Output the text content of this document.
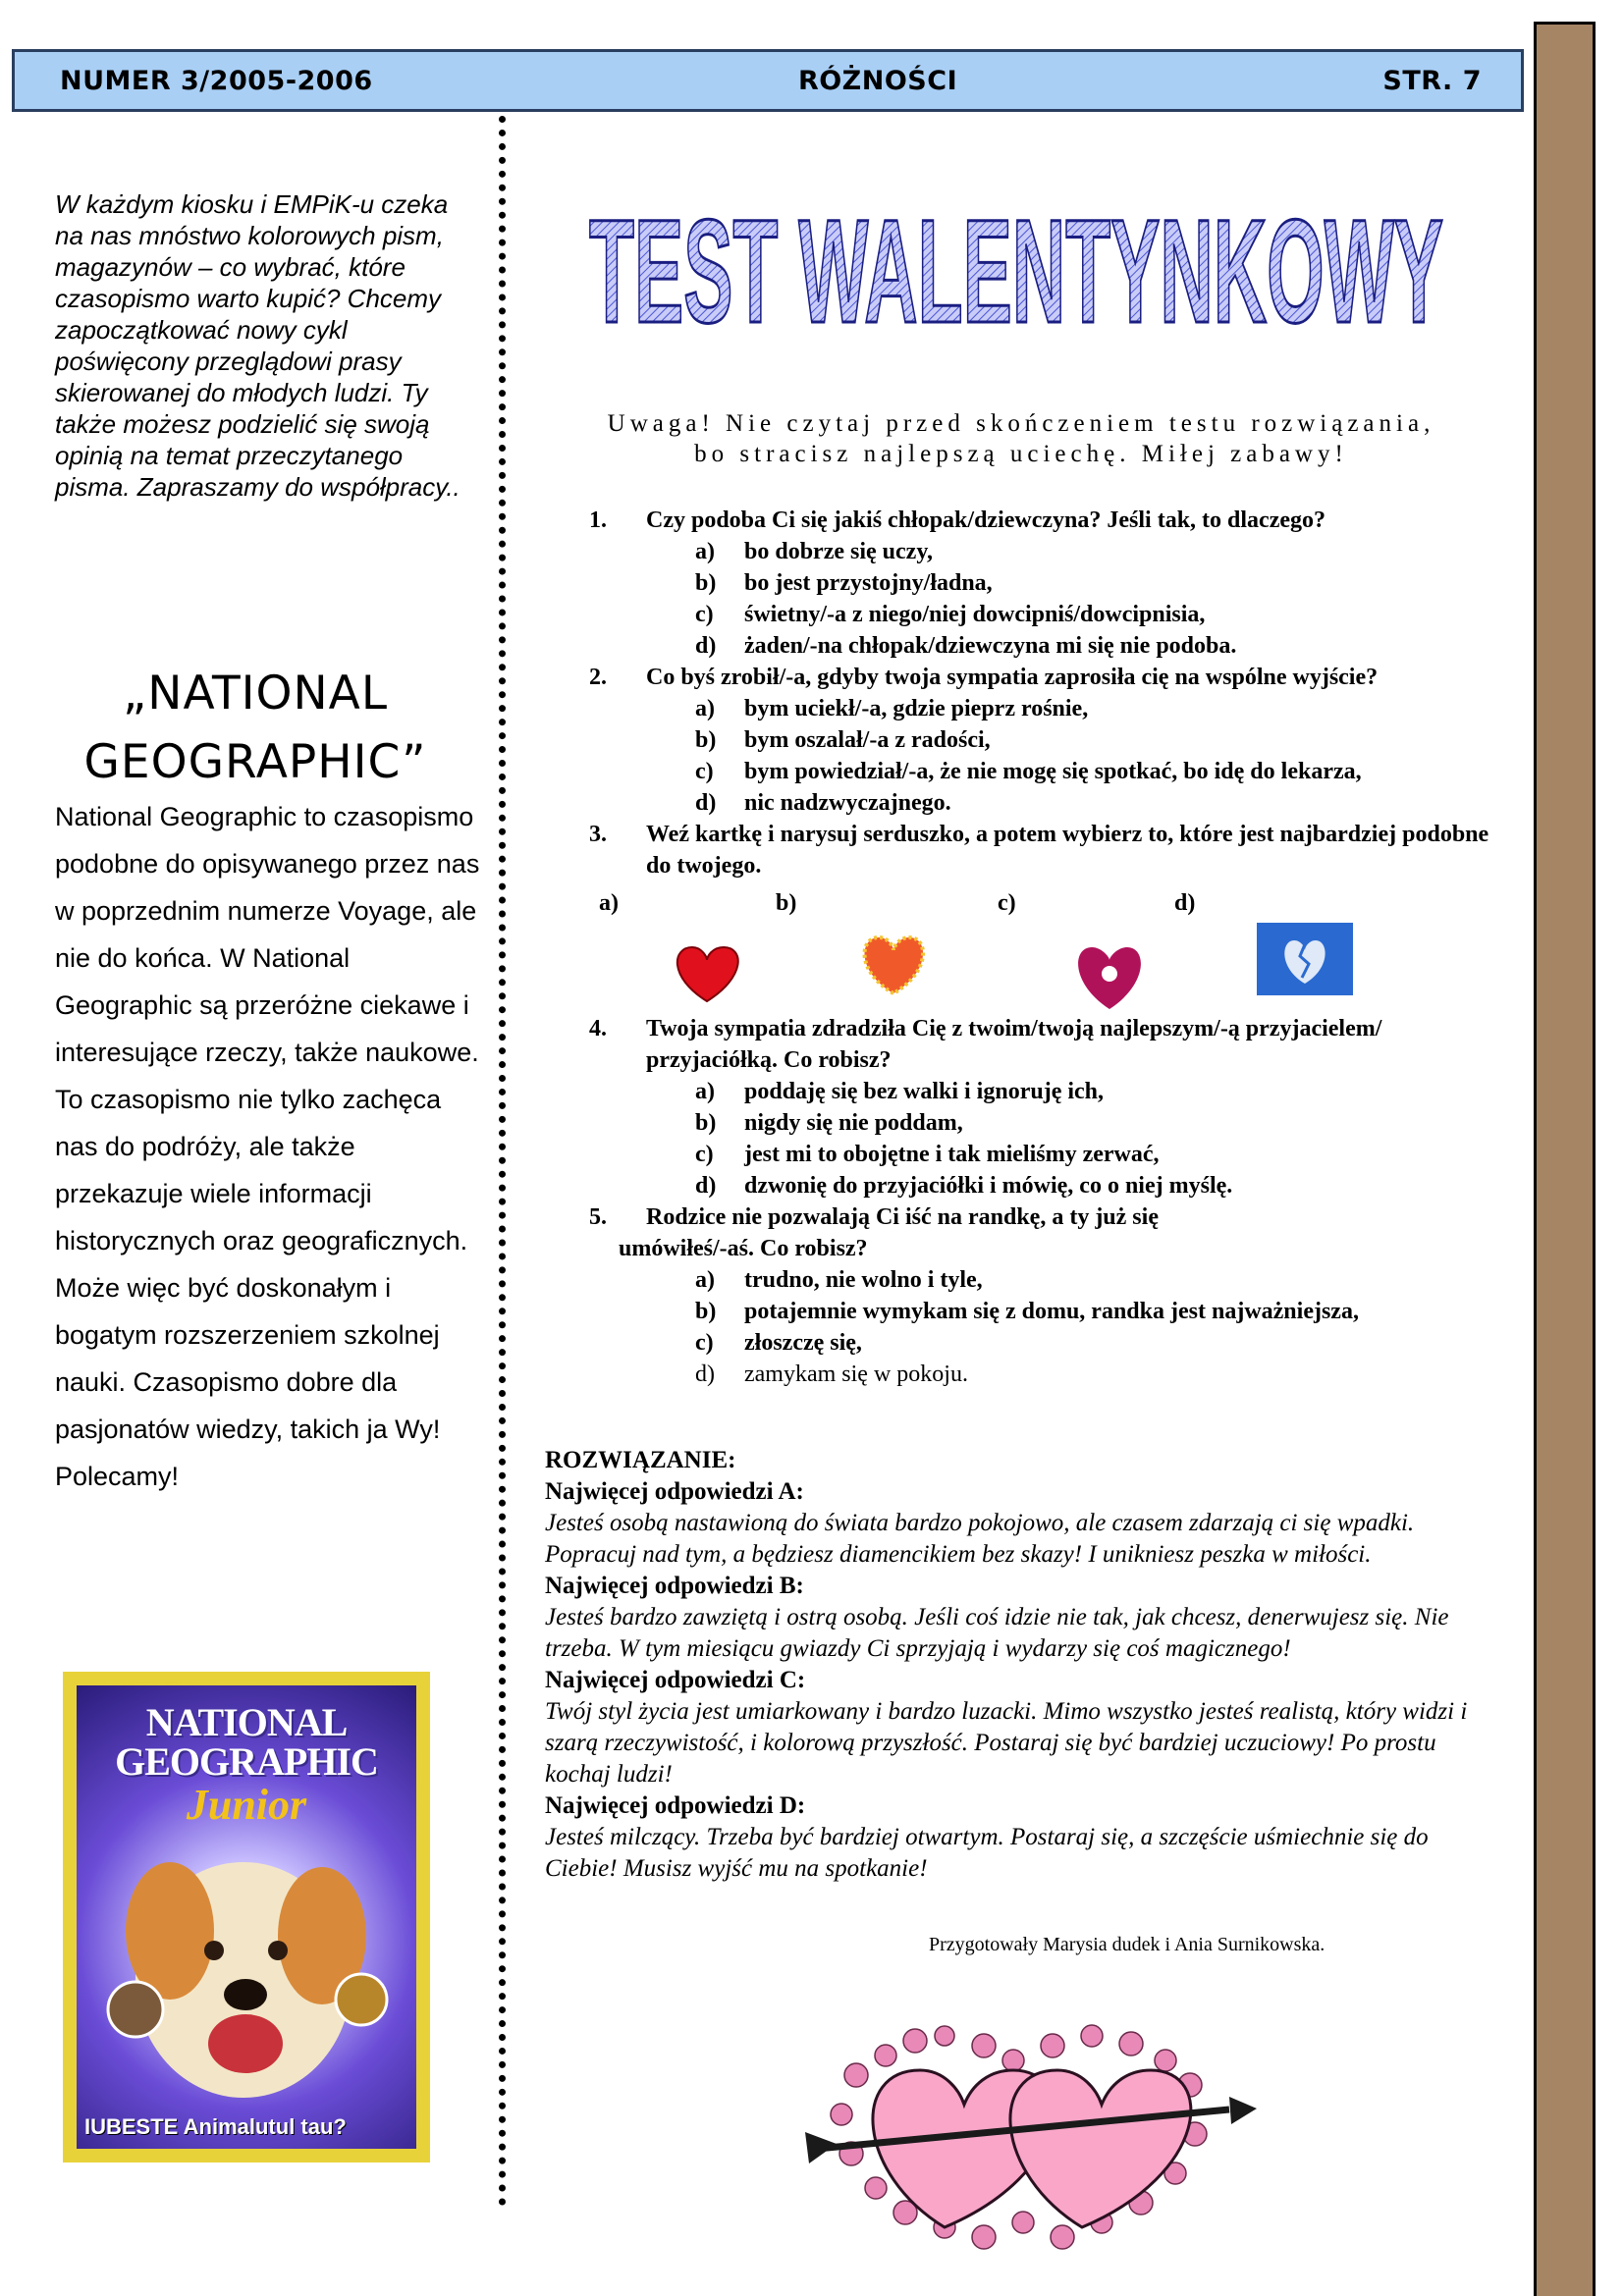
NUMER 3/2005-2006	RÓŻNOŚCI	STR. 7
W każdym kiosku i EMPiK-u czeka na nas mnóstwo kolorowych pism, magazynów – co wybrać, które czasopismo warto kupić? Chcemy zapoczątkować nowy cykl poświęcony przeglądowi prasy skierowanej do młodych ludzi. Ty także możesz podzielić się swoją opinią na temat przeczytanego pisma. Zapraszamy do współpracy..
„NATIONAL
GEOGRAPHIC”
National Geographic to czasopismo podobne do opisywanego przez nas w poprzednim numerze Voyage, ale nie do końca. W National Geographic są przeróżne ciekawe i interesujące rzeczy, także naukowe. To czasopismo nie tylko zachęca nas do podróży, ale także przekazuje wiele informacji historycznych oraz geograficznych. Może więc być doskonałym i bogatym rozszerzeniem szkolnej nauki. Czasopismo dobre dla pasjonatów wiedzy, takich ja Wy! Polecamy!
NATIONAL GEOGRAPHIC
Junior
IUBESTE Animalutul tau?
TEST WALENTYNKOWY
Uwaga! Nie czytaj przed skończeniem testu rozwiązania,
bo stracisz najlepszą uciechę. Miłej zabawy!
1.	Czy podoba Ci się jakiś chłopak/dziewczyna? Jeśli tak, to dlaczego?
a)	bo dobrze się uczy,
b)	bo jest przystojny/ładna,
c)	świetny/-a z niego/niej dowcipniś/dowcipnisia,
d)	żaden/-na chłopak/dziewczyna mi się nie podoba.
2.	Co byś zrobił/-a, gdyby twoja sympatia zaprosiła cię na wspólne wyjście?
a)	bym uciekł/-a, gdzie pieprz rośnie,
b)	bym oszalał/-a z radości,
c)	bym powiedział/-a, że nie mogę się spotkać, bo idę do lekarza,
d)	nic nadzwyczajnego.
3.	Weź kartkę i narysuj serduszko, a potem wybierz to, które jest najbardziej podobne do twojego.
a)	b)	c)	d)
4.	Twoja sympatia zdradziła Cię z twoim/twoją najlepszym/-ą przyjacielem/ przyjaciółką. Co robisz?
a)	poddaję się bez walki i ignoruję ich,
b)	nigdy się nie poddam,
c)	jest mi to obojętne i tak mieliśmy zerwać,
d)	dzwonię do przyjaciółki i mówię, co o niej myślę.
5.	Rodzice nie pozwalają Ci iść na randkę, a ty już się
umówiłeś/-aś. Co robisz?
a)	trudno, nie wolno i tyle,
b)	potajemnie wymykam się z domu, randka jest najważniejsza,
c)	złoszczę się,
d)	zamykam się w pokoju.
ROZWIĄZANIE:
Najwięcej odpowiedzi A:
Jesteś osobą nastawioną do świata bardzo pokojowo, ale czasem zdarzają ci się wpadki. Popracuj nad tym, a będziesz diamencikiem bez skazy! I unikniesz peszka w miłości.
Najwięcej odpowiedzi B:
Jesteś bardzo zawziętą i ostrą osobą. Jeśli coś idzie nie tak, jak chcesz, denerwujesz się. Nie trzeba. W tym miesiącu gwiazdy Ci sprzyjają i wydarzy się coś magicznego!
Najwięcej odpowiedzi C:
Twój styl życia jest umiarkowany i bardzo luzacki. Mimo wszystko jesteś realistą, który widzi i szarą rzeczywistość, i kolorową przyszłość. Postaraj się być bardziej uczuciowy! Po prostu kochaj ludzi!
Najwięcej odpowiedzi D:
Jesteś milczący. Trzeba być bardziej otwartym. Postaraj się, a szczęście uśmiechnie się do Ciebie! Musisz wyjść mu na spotkanie!
Przygotowały Marysia dudek i Ania Surnikowska.
